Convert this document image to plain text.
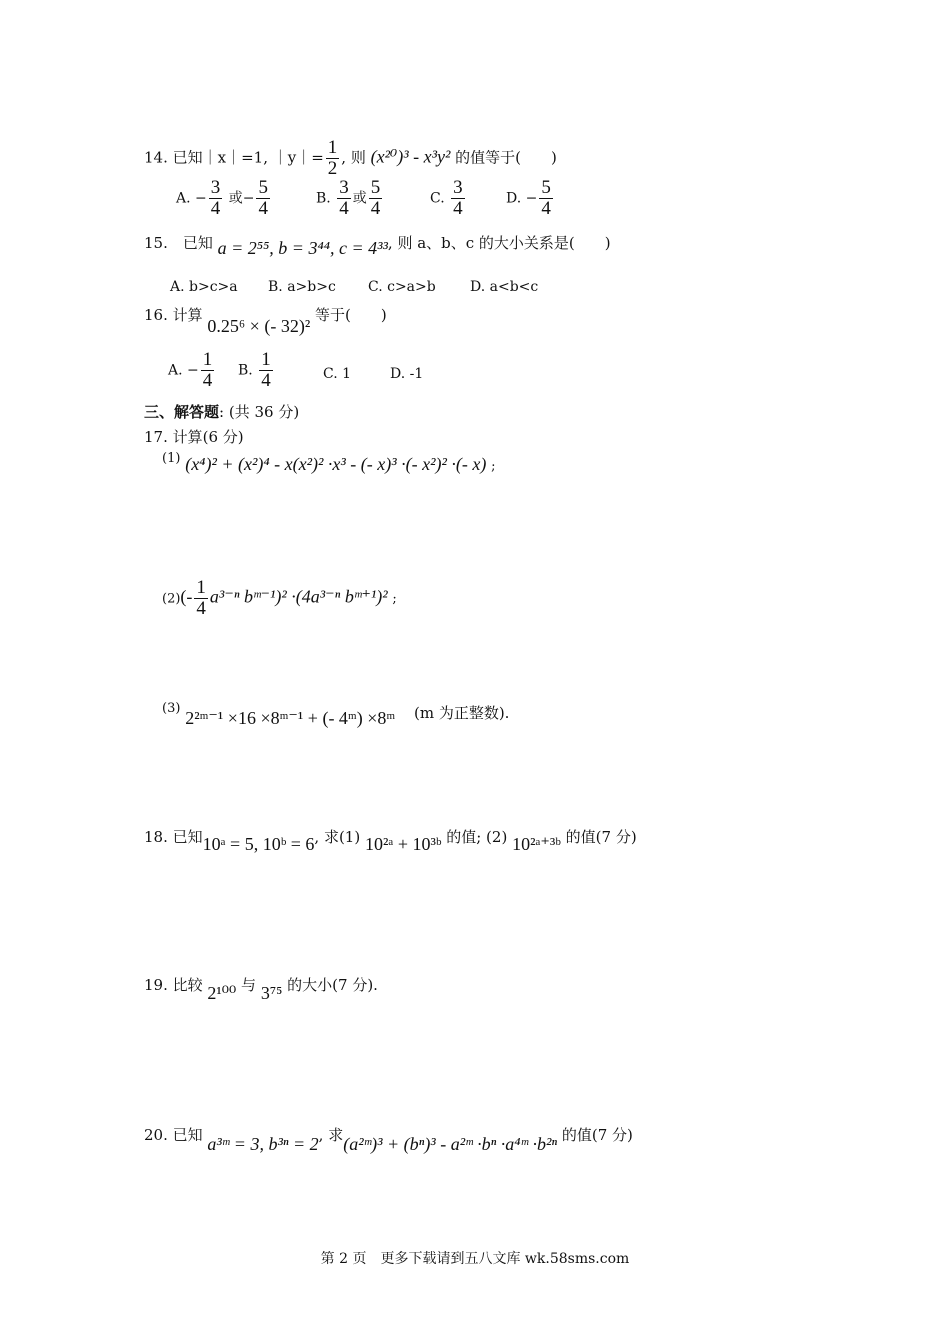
14. 已知｜x｜=1, ｜y｜= $\frac{1}{2}$ , 则 (x²⁰)³ - x³y² 的值等于(　　)
A. − $\frac{3}{4}$ 或− $\frac{5}{4}$	B. $\frac{3}{4}$ 或 $\frac{5}{4}$	C. $\frac{3}{4}$	D. − $\frac{5}{4}$
15.　已知 a = 2⁵⁵, b = 3⁴⁴, c = 4³³, 则 a、b、c 的大小关系是(　　)
A. b>c>a B. a>b>c C. c>a>b D. a<b<c
16. 计算 0.25⁶ × (- 32)² 等于(　　)
A. − $\frac{1}{4} B$. $\frac{1}{4}$	C. 1	D. -1
三、解答题: (共 36 分)
17. 计算(6 分)
(1) (x⁴)² + (x²)⁴ - x(x²)² ·x³ - (- x)³ ·(- x²)² ·(- x) ;
$(2)(- \frac{1}{4} a^{3-n}$ bᵐ⁻¹)² ·(4a³⁻ⁿ bᵐ⁺¹)² ;
(3) 2²ᵐ⁻¹ ×16 ×8ᵐ⁻¹ + (- 4ᵐ) ×8ᵐ (m 为正整数).
18. 已知10ᵃ = 5, 10ᵇ = 6, 求(1) 10²ᵃ + 10³ᵇ 的值; (2) 10²ᵃ⁺³ᵇ 的值(7 分)
19. 比较 2¹⁰⁰ 与 3⁷⁵ 的大小(7 分).
20. 已知 a³ᵐ = 3, b³ⁿ = 2, 求(a²ᵐ)³ + (bⁿ)³ - a²ᵐ ·bⁿ ·a⁴ᵐ ·b²ⁿ 的值(7 分)
第 2 页　更多下载请到五八文库 wk.58sms.com
